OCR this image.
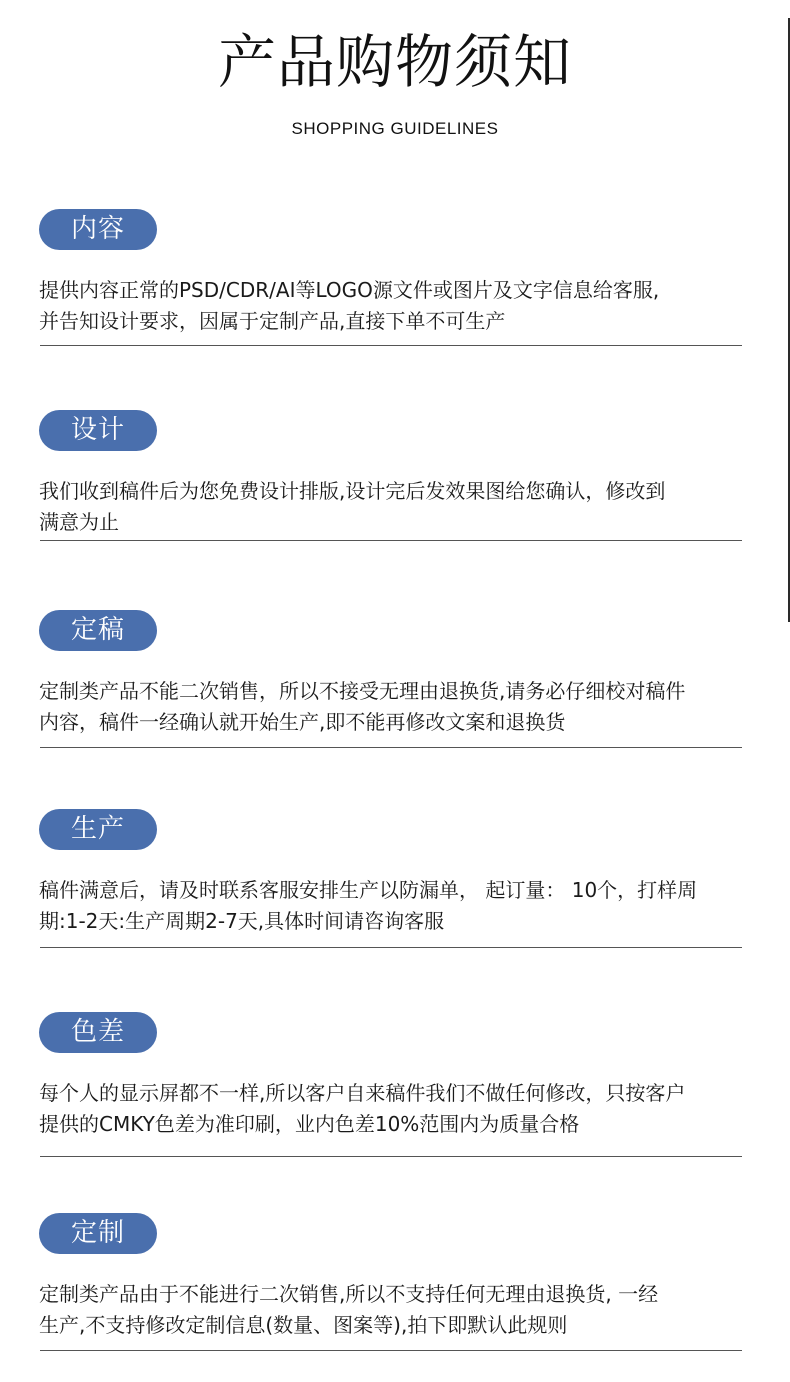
产品购物须知
SHOPPING GUIDELINES
内容
提供内容正常的PSD/CDR/AI等LOGO源文件或图片及文字信息给客服,
并告知设计要求，因属于定制产品,直接下单不可生产
设计
我们收到稿件后为您免费设计排版,设计完后发效果图给您确认，修改到
满意为止
定稿
定制类产品不能二次销售，所以不接受无理由退换货,请务必仔细校对稿件
内容，稿件一经确认就开始生产,即不能再修改文案和退换货
生产
稿件满意后，请及时联系客服安排生产以防漏单， 起订量： 10个，打样周
期:1-2天:生产周期2-7天,具体时间请咨询客服
色差
每个人的显示屏都不一样,所以客户自来稿件我们不做任何修改，只按客户
提供的CMKY色差为准印刷，业内色差10%范围内为质量合格
定制
定制类产品由于不能进行二次销售,所以不支持任何无理由退换货, 一经
生产,不支持修改定制信息(数量、图案等),拍下即默认此规则
